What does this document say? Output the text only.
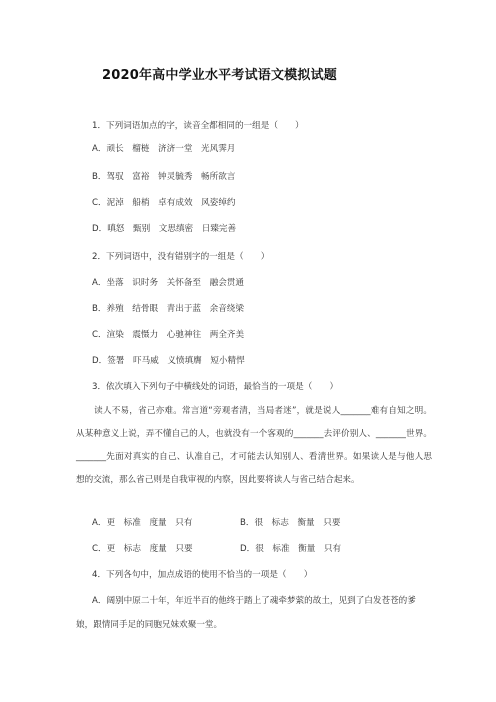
2020年高中学业水平考试语文模拟试题
1．下列词语加点的字，读音全都相同的一组是（　　）
A．顽长　榴梿　济济一堂　光风霁月
B．驾驭　富裕　钟灵毓秀　畅所欲言
C．泥淖　船梢　卓有成效　风姿绰约
D．嗔怒　甄别　文思缜密　日臻完善
2．下列词语中，没有错别字的一组是（　　）
A．坐落　识时务　关怀备至　融会贯通
B．养殖　结骨眼　青出于蓝　余音绕梁
C．渲染　震慑力　心驰神往　两全齐美
D．签署　吓马威　义愤填膺　短小精悍
3．依次填入下列句子中横线处的词语，最恰当的一项是（　　）
读人不易，省己亦难。常言道“旁观者清，当局者迷”，就是说人_______难有自知之明。从某种意义上说，弄不懂自己的人，也就没有一个客观的_______去评价别人、_______世界。_______先面对真实的自己、认准自己，才可能去认知别人、看清世界。如果读人是与他人思想的交流，那么省己则是自我审视的内察，因此要将读人与省己结合起来。
A．更　标准　度量　只有	B．很　标志　衡量　只要
C．更　标志　度量　只要	D．很　标准　衡量　只有
4．下列各句中，加点成语的使用不恰当的一项是（　　）
A．阔别中原二十年，年近半百的他终于踏上了魂牵梦萦的故土，见到了白发苍苍的爹
娘，跟情同手足的同胞兄妹欢聚一堂。
